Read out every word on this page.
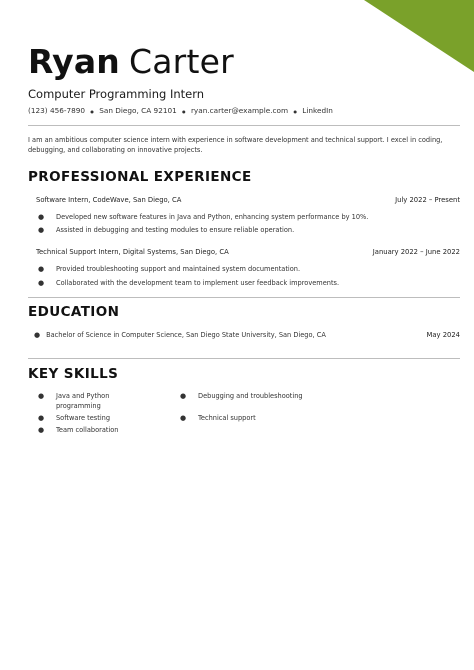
Ryan Carter
Computer Programming Intern
(123) 456-7890 ● San Diego, CA 92101 ● ryan.carter@example.com ● LinkedIn
I am an ambitious computer science intern with experience in software development and technical support. I excel in coding, debugging, and collaborating on innovative projects.
PROFESSIONAL EXPERIENCE
Software Intern, CodeWave, San Diego, CA	July 2022 – Present
● Developed new software features in Java and Python, enhancing system performance by 10%.
● Assisted in debugging and testing modules to ensure reliable operation.
Technical Support Intern, Digital Systems, San Diego, CA	January 2022 – June 2022
● Provided troubleshooting support and maintained system documentation.
● Collaborated with the development team to implement user feedback improvements.
EDUCATION
● Bachelor of Science in Computer Science, San Diego State University, San Diego, CA	May 2024
KEY SKILLS
● Java and Python programming
● Software testing
● Team collaboration
● Debugging and troubleshooting
● Technical support
